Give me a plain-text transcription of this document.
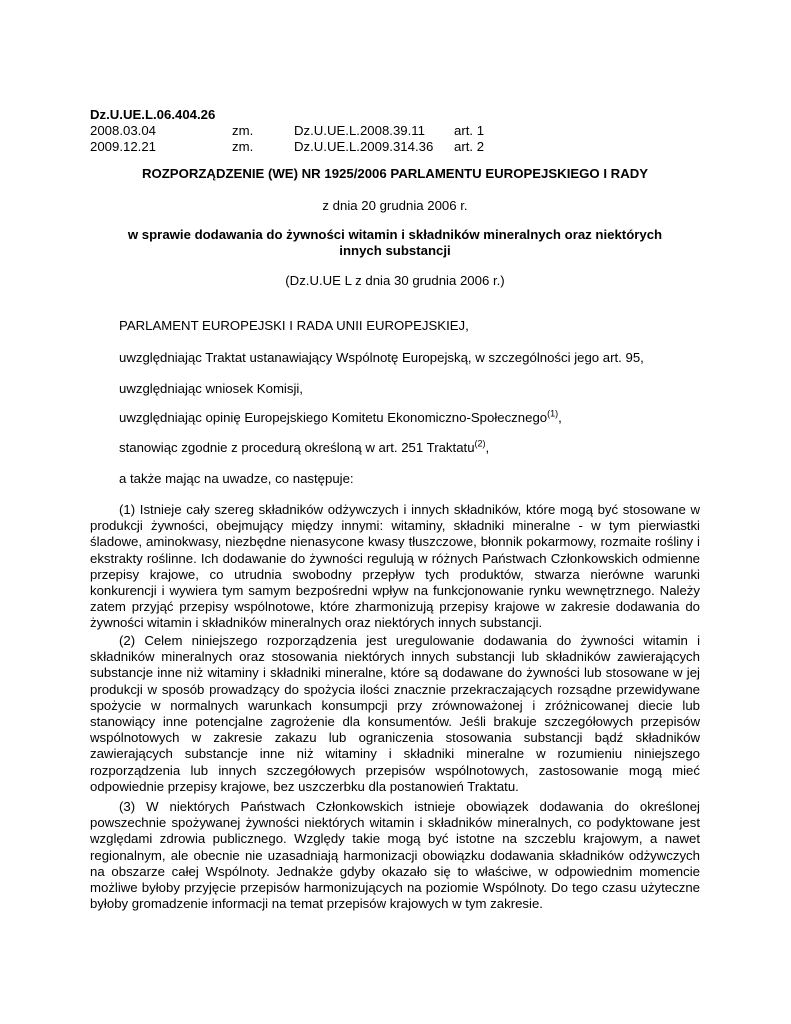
Dz.U.UE.L.06.404.26
2008.03.04	zm.	Dz.U.UE.L.2008.39.11	art. 1
2009.12.21	zm.	Dz.U.UE.L.2009.314.36	art. 2
ROZPORZĄDZENIE (WE) NR 1925/2006 PARLAMENTU EUROPEJSKIEGO I RADY
z dnia 20 grudnia 2006 r.
w sprawie dodawania do żywności witamin i składników mineralnych oraz niektórych innych substancji
(Dz.U.UE L z dnia 30 grudnia 2006 r.)
PARLAMENT EUROPEJSKI I RADA UNII EUROPEJSKIEJ,
uwzględniając Traktat ustanawiający Wspólnotę Europejską, w szczególności jego art. 95,
uwzględniając wniosek Komisji,
uwzględniając opinię Europejskiego Komitetu Ekonomiczno-Społecznego$^{(1)}$,
stanowiąc zgodnie z procedurą określoną w art. 251 Traktatu$^{(2)}$,
a także mając na uwadze, co następuje:
(1) Istnieje cały szereg składników odżywczych i innych składników, które mogą być stosowane w produkcji żywności, obejmujący między innymi: witaminy, składniki mineralne - w tym pierwiastki śladowe, aminokwasy, niezbędne nienasycone kwasy tłuszczowe, błonnik pokarmowy, rozmaite rośliny i ekstrakty roślinne. Ich dodawanie do żywności regulują w różnych Państwach Członkowskich odmienne przepisy krajowe, co utrudnia swobodny przepływ tych produktów, stwarza nierówne warunki konkurencji i wywiera tym samym bezpośredni wpływ na funkcjonowanie rynku wewnętrznego. Należy zatem przyjąć przepisy wspólnotowe, które zharmonizują przepisy krajowe w zakresie dodawania do żywności witamin i składników mineralnych oraz niektórych innych substancji.
(2) Celem niniejszego rozporządzenia jest uregulowanie dodawania do żywności witamin i składników mineralnych oraz stosowania niektórych innych substancji lub składników zawierających substancje inne niż witaminy i składniki mineralne, które są dodawane do żywności lub stosowane w jej produkcji w sposób prowadzący do spożycia ilości znacznie przekraczających rozsądne przewidywane spożycie w normalnych warunkach konsumpcji przy zrównoważonej i zróżnicowanej diecie lub stanowiący inne potencjalne zagrożenie dla konsumentów. Jeśli brakuje szczegółowych przepisów wspólnotowych w zakresie zakazu lub ograniczenia stosowania substancji bądź składników zawierających substancje inne niż witaminy i składniki mineralne w rozumieniu niniejszego rozporządzenia lub innych szczegółowych przepisów wspólnotowych, zastosowanie mogą mieć odpowiednie przepisy krajowe, bez uszczerbku dla postanowień Traktatu.
(3) W niektórych Państwach Członkowskich istnieje obowiązek dodawania do określonej powszechnie spożywanej żywności niektórych witamin i składników mineralnych, co podyktowane jest względami zdrowia publicznego. Względy takie mogą być istotne na szczeblu krajowym, a nawet regionalnym, ale obecnie nie uzasadniają harmonizacji obowiązku dodawania składników odżywczych na obszarze całej Wspólnoty. Jednakże gdyby okazało się to właściwe, w odpowiednim momencie możliwe byłoby przyjęcie przepisów harmonizujących na poziomie Wspólnoty. Do tego czasu użyteczne byłoby gromadzenie informacji na temat przepisów krajowych w tym zakresie.
